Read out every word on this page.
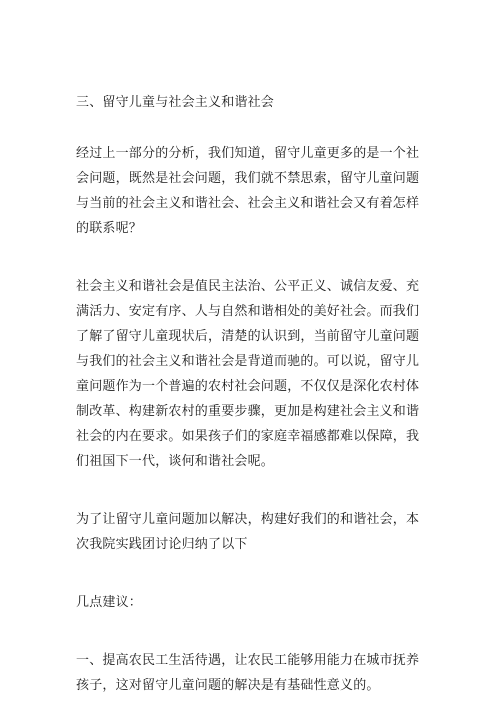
三、留守儿童与社会主义和谐社会

经过上一部分的分析，我们知道，留守儿童更多的是一个社会问题，既然是社会问题，我们就不禁思索，留守儿童问题与当前的社会主义和谐社会、社会主义和谐社会又有着怎样的联系呢？

社会主义和谐社会是值民主法治、公平正义、诚信友爱、充满活力、安定有序、人与自然和谐相处的美好社会。而我们了解了留守儿童现状后，清楚的认识到，当前留守儿童问题与我们的社会主义和谐社会是背道而驰的。可以说，留守儿童问题作为一个普遍的农村社会问题，不仅仅是深化农村体制改革、构建新农村的重要步骤，更加是构建社会主义和谐社会的内在要求。如果孩子们的家庭幸福感都难以保障，我们祖国下一代，谈何和谐社会呢。

为了让留守儿童问题加以解决，构建好我们的和谐社会，本次我院实践团讨论归纳了以下

几点建议：

一、提高农民工生活待遇，让农民工能够用能力在城市抚养孩子，这对留守儿童问题的解决是有基础性意义的。
